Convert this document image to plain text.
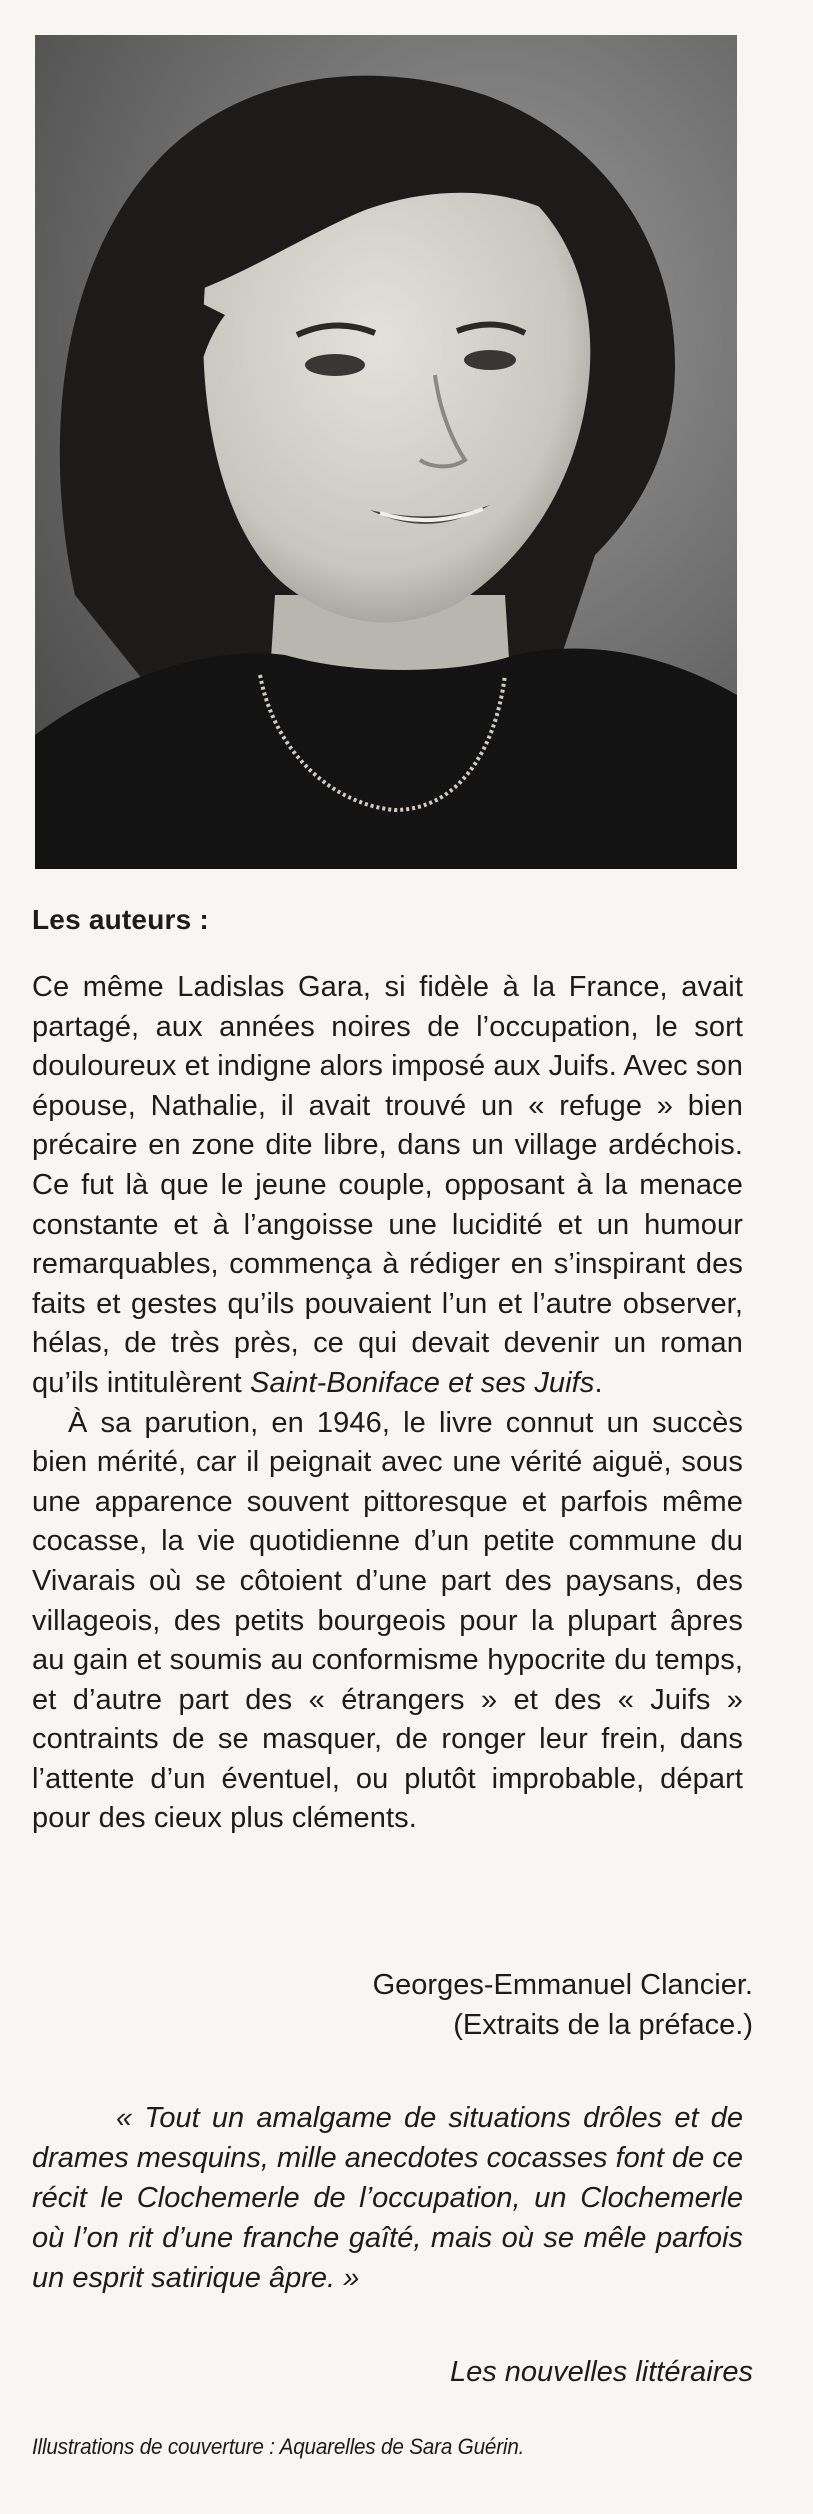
Les auteurs :

Ce même Ladislas Gara, si fidèle à la France, avait partagé, aux années noires de l’occupation, le sort douloureux et indigne alors imposé aux Juifs. Avec son épouse, Nathalie, il avait trouvé un « refuge » bien précaire en zone dite libre, dans un village ardéchois. Ce fut là que le jeune couple, opposant à la menace constante et à l’angoisse une lucidité et un humour remarquables, commença à rédiger en s’inspirant des faits et gestes qu’ils pouvaient l’un et l’autre observer, hélas, de très près, ce qui devait devenir un roman qu’ils intitulèrent Saint-Boniface et ses Juifs.

À sa parution, en 1946, le livre connut un succès bien mérité, car il peignait avec une vérité aiguë, sous une apparence souvent pittoresque et parfois même cocasse, la vie quotidienne d’un petite commune du Vivarais où se côtoient d’une part des paysans, des villageois, des petits bourgeois pour la plupart âpres au gain et soumis au conformisme hypocrite du temps, et d’autre part des « étrangers » et des « Juifs » contraints de se masquer, de ronger leur frein, dans l’attente d’un éventuel, ou plutôt improbable, départ pour des cieux plus cléments.

Georges-Emmanuel Clancier.
(Extraits de la préface.)

« Tout un amalgame de situations drôles et de drames mesquins, mille anecdotes cocasses font de ce récit le Clochemerle de l’occupation, un Clochemerle où l’on rit d’une franche gaîté, mais où se mêle parfois un esprit satirique âpre. »

Les nouvelles littéraires
Illustrations de couverture : Aquarelles de Sara Guérin.
